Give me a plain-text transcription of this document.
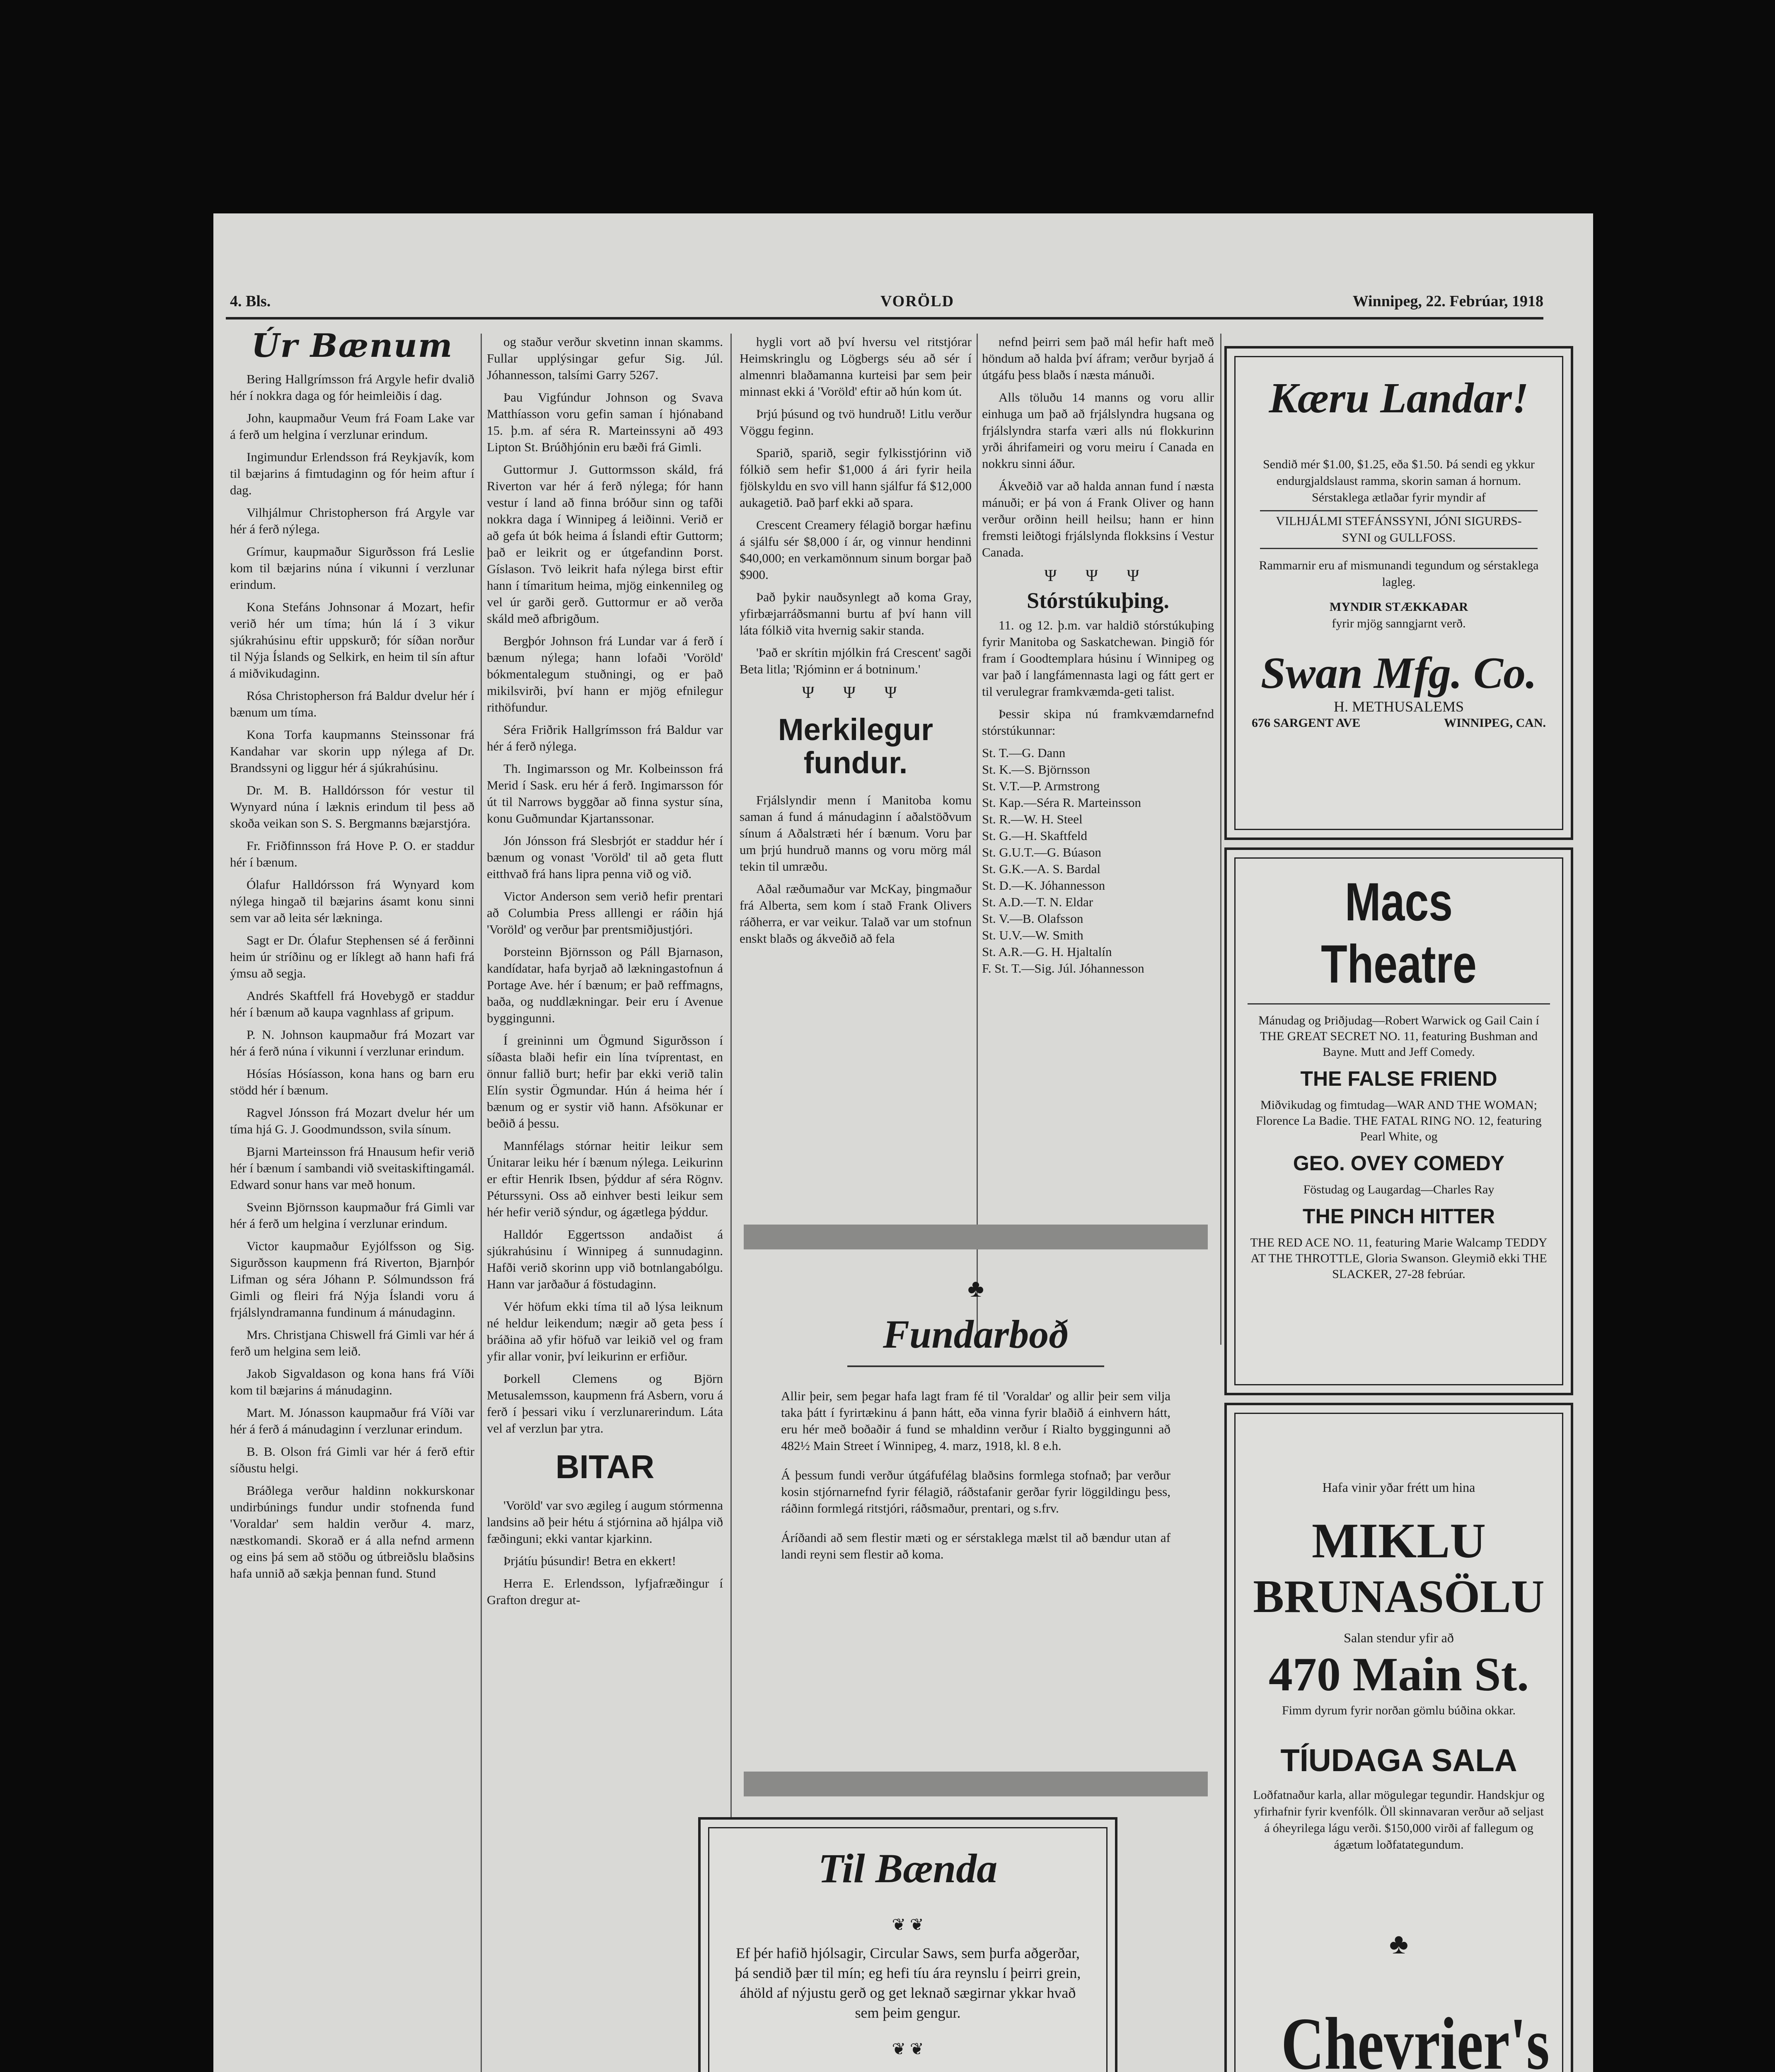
4. Bls.	VORÖLD	Winnipeg, 22. Febrúar, 1918
Úr Bænum

Bering Hallgrímsson frá Argyle hefir dvalið hér í nokkra daga og fór heimleiðis í dag.

John, kaupmaður Veum frá Foam Lake var á ferð um helgina í verzlunar erindum.

Ingimundur Erlendsson frá Reykjavík, kom til bæjarins á fimtudaginn og fór heim aftur í dag.

Vilhjálmur Christopherson frá Argyle var hér á ferð nýlega.

Grímur, kaupmaður Sigurðsson frá Leslie kom til bæjarins núna í vikunni í verzlunar erindum.

Kona Stefáns Johnsonar á Mozart, hefir verið hér um tíma; hún lá í 3 vikur sjúkrahúsinu eftir uppskurð; fór síðan norður til Nýja Íslands og Selkirk, en heim til sín aftur á miðvikudaginn.

Rósa Christopherson frá Baldur dvelur hér í bænum um tíma.

Kona Torfa kaupmanns Steinssonar frá Kandahar var skorin upp nýlega af Dr. Brandssyni og liggur hér á sjúkrahúsinu.

Dr. M. B. Halldórsson fór vestur til Wynyard núna í læknis erindum til þess að skoða veikan son S. S. Bergmanns bæjarstjóra.

Fr. Friðfinnsson frá Hove P. O. er staddur hér í bænum.

Ólafur Halldórsson frá Wynyard kom nýlega hingað til bæjarins ásamt konu sinni sem var að leita sér lækninga.

Sagt er Dr. Ólafur Stephensen sé á ferðinni heim úr stríðinu og er líklegt að hann hafi frá ýmsu að segja.

Andrés Skaftfell frá Hovebygð er staddur hér í bænum að kaupa vagnhlass af gripum.

P. N. Johnson kaupmaður frá Mozart var hér á ferð núna í vikunni í verzlunar erindum.

Hósías Hósíasson, kona hans og barn eru stödd hér í bænum.

Ragvel Jónsson frá Mozart dvelur hér um tíma hjá G. J. Goodmundsson, svila sínum.

Bjarni Marteinsson frá Hnausum hefir verið hér í bænum í sambandi við sveitaskiftingamál. Edward sonur hans var með honum.

Sveinn Björnsson kaupmaður frá Gimli var hér á ferð um helgina í verzlunar erindum.

Victor kaupmaður Eyjólfsson og Sig. Sigurðsson kaupmenn frá Riverton, Bjarnþór Lifman og séra Jóhann P. Sólmundsson frá Gimli og fleiri frá Nýja Íslandi voru á frjálslyndramanna fundinum á mánudaginn.

Mrs. Christjana Chiswell frá Gimli var hér á ferð um helgina sem leið.

Jakob Sigvaldason og kona hans frá Víði kom til bæjarins á mánudaginn.

Mart. M. Jónasson kaupmaður frá Víði var hér á ferð á mánudaginn í verzlunar erindum.

B. B. Olson frá Gimli var hér á ferð eftir síðustu helgi.

Bráðlega verður haldinn nokkurskonar undirbúnings fundur undir stofnenda fund 'Voraldar' sem haldin verður 4. marz, næstkomandi. Skorað er á alla nefnd armenn og eins þá sem að stöðu og útbreiðslu blaðsins hafa unnið að sækja þennan fund. Stund

og staður verður skvetinn innan skamms. Fullar upplýsingar gefur Sig. Júl. Jóhannesson, talsími Garry 5267.

Þau Vigfúndur Johnson og Svava Matthíasson voru gefin saman í hjónaband 15. þ.m. af séra R. Marteinssyni að 493 Lipton St. Brúðhjónin eru bæði frá Gimli.

Guttormur J. Guttormsson skáld, frá Riverton var hér á ferð nýlega; fór hann vestur í land að finna bróður sinn og tafði nokkra daga í Winnipeg á leiðinni. Verið er að gefa út bók heima á Íslandi eftir Guttorm; það er leikrit og er útgefandinn Þorst. Gíslason. Tvö leikrit hafa nýlega birst eftir hann í tímaritum heima, mjög einkennileg og vel úr garði gerð. Guttormur er að verða skáld með afbrigðum.

Bergþór Johnson frá Lundar var á ferð í bænum nýlega; hann lofaði 'Voröld' bókmentalegum stuðningi, og er það mikilsvirði, því hann er mjög efnilegur rithöfundur.

Séra Friðrik Hallgrímsson frá Baldur var hér á ferð nýlega.

Th. Ingimarsson og Mr. Kolbeinsson frá Merid í Sask. eru hér á ferð. Ingimarsson fór út til Narrows byggðar að finna systur sína, konu Guðmundar Kjartanssonar.

Jón Jónsson frá Slesbrjót er staddur hér í bænum og vonast 'Voröld' til að geta flutt eitthvað frá hans lipra penna við og við.

Victor Anderson sem verið hefir prentari að Columbia Press alllengi er ráðin hjá 'Voröld' og verður þar prentsmiðjustjóri.

Þorsteinn Björnsson og Páll Bjarnason, kandídatar, hafa byrjað að lækningastofnun á Portage Ave. hér í bænum; er það reffmagns, baða, og nuddlækningar. Þeir eru í Avenue byggingunni.

Í greininni um Ögmund Sigurðsson í síðasta blaði hefir ein lína tvíprentast, en önnur fallið burt; hefir þar ekki verið talin Elín systir Ögmundar. Hún á heima hér í bænum og er systir við hann. Afsökunar er beðið á þessu.

Mannfélags stórnar heitir leikur sem Únitarar leiku hér í bænum nýlega. Leikurinn er eftir Henrik Ibsen, þýddur af séra Rögnv. Péturssyni. Oss að einhver besti leikur sem hér hefir verið sýndur, og ágætlega þýddur.

Halldór Eggertsson andaðist á sjúkrahúsinu í Winnipeg á sunnudaginn. Hafði verið skorinn upp við botnlangabólgu. Hann var jarðaður á föstudaginn.

Vér höfum ekki tíma til að lýsa leiknum né heldur leikendum; nægir að geta þess í bráðina að yfir höfuð var leikið vel og fram yfir allar vonir, því leikurinn er erfiður.

Þorkell Clemens og Björn Metusalemsson, kaupmenn frá Asbern, voru á ferð í þessari viku í verzlunarerindum. Láta vel af verzlun þar ytra.

BITAR

'Voröld' var svo ægileg í augum stórmenna landsins að þeir hétu á stjórnina að hjálpa við fæðinguni; ekki vantar kjarkinn.

Þrjátíu þúsundir! Betra en ekkert!

Herra E. Erlendsson, lyfjafræðingur í Grafton dregur at-

hygli vort að því hversu vel ritstjórar Heimskringlu og Lögbergs séu að sér í almennri blaðamanna kurteisi þar sem þeir minnast ekki á 'Voröld' eftir að hún kom út.

Þrjú þúsund og tvö hundruð! Litlu verður Vöggu feginn.

Sparið, sparið, segir fylkisstjórinn við fólkið sem hefir $1,000 á ári fyrir heila fjölskyldu en svo vill hann sjálfur fá $12,000 aukagetið. Það þarf ekki að spara.

Crescent Creamery félagið borgar hæfinu á sjálfu sér $8,000 í ár, og vinnur hendinni $40,000; en verkamönnum sinum borgar það $900.

Það þykir nauðsynlegt að koma Gray, yfirbæjarráðsmanni burtu af því hann vill láta fólkið vita hvernig sakir standa.

'Það er skrítin mjólkin frá Crescent' sagði Beta litla; 'Rjóminn er á botninum.'

Ψ Ψ Ψ
Merkilegur fundur.

Frjálslyndir menn í Manitoba komu saman á fund á mánudaginn í aðalstöðvum sínum á Aðalstræti hér í bænum. Voru þar um þrjú hundruð manns og voru mörg mál tekin til umræðu.

Aðal ræðumaður var McKay, þingmaður frá Alberta, sem kom í stað Frank Olivers ráðherra, er var veikur. Talað var um stofnun enskt blaðs og ákveðið að fela

nefnd þeirri sem það mál hefir haft með höndum að halda því áfram; verður byrjað á útgáfu þess blaðs í næsta mánuði.

Alls töluðu 14 manns og voru allir einhuga um það að frjálslyndra hugsana og frjálslyndra starfa væri alls nú flokkurinn yrði áhrifameiri og voru meiru í Canada en nokkru sinni áður.

Ákveðið var að halda annan fund í næsta mánuði; er þá von á Frank Oliver og hann verður orðinn heill heilsu; hann er hinn fremsti leiðtogi frjálslynda flokksins í Vestur Canada.

Ψ Ψ Ψ
Stórstúkuþing.

11. og 12. þ.m. var haldið stórstúkuþing fyrir Manitoba og Saskatchewan. Þingið fór fram í Goodtemplara húsinu í Winnipeg og var það í langfámennasta lagi og fátt gert er til verulegrar framkvæmda-geti talist.

Þessir skipa nú framkvæmdarnefnd stórstúkunnar:

St. T.—G. Dann

St. K.—S. Björnsson

St. V.T.—P. Armstrong

St. Kap.—Séra R. Marteinsson

St. R.—W. H. Steel

St. G.—H. Skaftfeld

St. G.U.T.—G. Búason

St. G.K.—A. S. Bardal

St. D.—K. Jóhannesson

St. A.D.—T. N. Eldar

St. V.—B. Olafsson

St. U.V.—W. Smith

St. A.R.—G. H. Hjaltalín

F. St. T.—Sig. Júl. Jóhannesson

♣
Fundarboð

Allir þeir, sem þegar hafa lagt fram fé til 'Voraldar' og allir þeir sem vilja taka þátt í fyrirtækinu á þann hátt, eða vinna fyrir blaðið á einhvern hátt, eru hér með boðaðir á fund se mhaldinn verður í Rialto byggingunni að 482½ Main Street í Winnipeg, 4. marz, 1918, kl. 8 e.h.

Á þessum fundi verður útgáfufélag blaðsins formlega stofnað; þar verður kosin stjórnarnefnd fyrir félagið, ráðstafanir gerðar fyrir löggildingu þess, ráðinn formlegá ritstjóri, ráðsmaður, prentari, og s.frv.

Áríðandi að sem flestir mæti og er sérstaklega mælst til að bændur utan af landi reyni sem flestir að koma.

Til Bænda
❦ ❦
Ef þér hafið hjólsagir, Circular Saws, sem þurfa aðgerðar, þá sendið þær til mín; eg hefi tíu ára reynslu í þeirri grein, áhöld af nýjustu gerð og get leknað sægirnar ykkar hvað sem þeim gengur.
❦ ❦
Kæru Landar!
Sendið mér $1.00, $1.25, eða $1.50. Þá sendi eg ykkur endurgjaldslaust ramma, skorin saman á hornum. Sérstaklega ætlaðar fyrir myndir af
VILHJÁLMI STEFÁNSSYNI, JÓNI SIGURÐS-
SYNI og GULLFOSS.
Rammarnir eru af mismunandi tegundum og sérstaklega lagleg.
MYNDIR STÆKKAÐAR
fyrir mjög sanngjarnt verð.
Swan Mfg. Co.
H. METHUSALEMS
676 SARGENT AVE	WINNIPEG, CAN.
Macs Theatre
Mánudag og Þriðjudag—Robert Warwick og Gail Cain í THE GREAT SECRET NO. 11, featuring Bushman and Bayne. Mutt and Jeff Comedy.
THE FALSE FRIEND
Miðvikudag og fimtudag—WAR AND THE WOMAN; Florence La Badie. THE FATAL RING NO. 12, featuring Pearl White, og
GEO. OVEY COMEDY
Föstudag og Laugardag—Charles Ray
THE PINCH HITTER
THE RED ACE NO. 11, featuring Marie Walcamp TEDDY AT THE THROTTLE, Gloria Swanson. Gleymið ekki THE SLACKER, 27-28 febrúar.
Hafa vinir yðar frétt um hina
MIKLU
BRUNASÖLU
Salan stendur yfir að
470 Main St.
Fimm dyrum fyrir norðan gömlu búðina okkar.
TÍUDAGA SALA
Loðfatnaður karla, allar mögulegar tegundir. Handskjur og yfirhafnir fyrir kvenfólk. Öll skinnavaran verður að seljast á óheyrilega lágu verði. $150,000 virði af fallegum og ágætum loðfatategundum.
♣
Chevrier's
